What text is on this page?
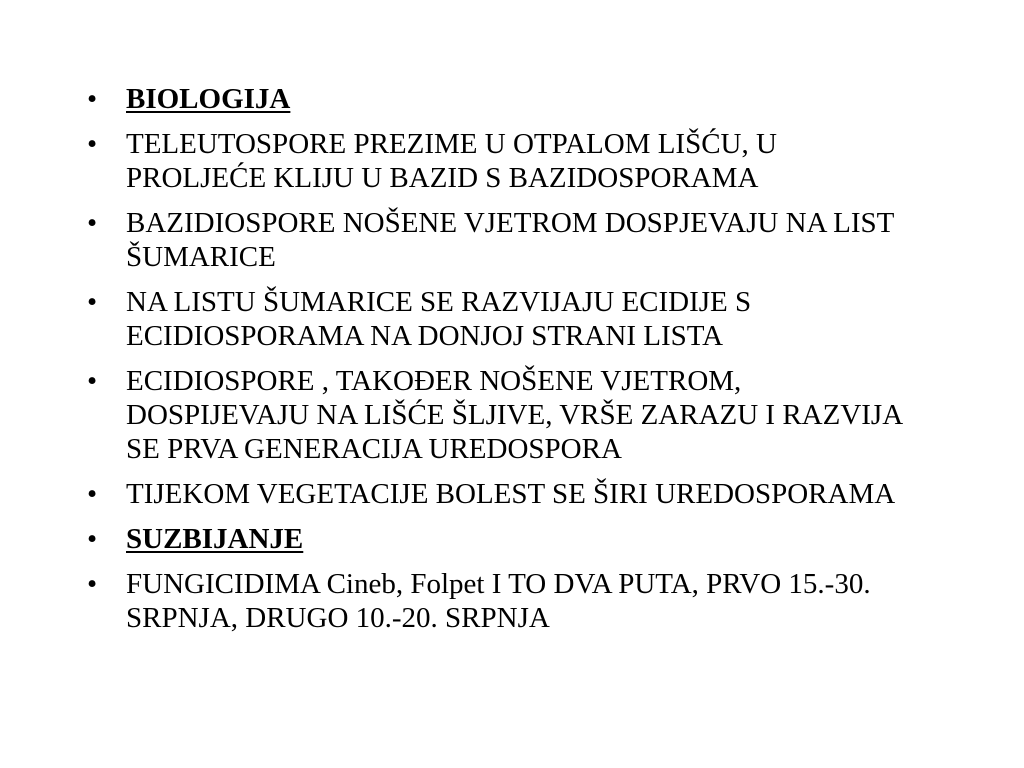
• BIOLOGIJA
• TELEUTOSPORE PREZIME U OTPALOM LIŠĆU, U PROLJEĆE KLIJU U BAZID S BAZIDOSPORAMA
• BAZIDIOSPORE NOŠENE VJETROM DOSPJEVAJU NA LIST ŠUMARICE
• NA LISTU ŠUMARICE SE RAZVIJAJU ECIDIJE S ECIDIOSPORAMA NA DONJOJ STRANI LISTA
• ECIDIOSPORE , TAKOĐER NOŠENE VJETROM, DOSPIJEVAJU NA LIŠĆE ŠLJIVE, VRŠE ZARAZU I RAZVIJA SE PRVA GENERACIJA UREDOSPORA
• TIJEKOM VEGETACIJE BOLEST SE ŠIRI UREDOSPORAMA
• SUZBIJANJE
• FUNGICIDIMA Cineb, Folpet I TO DVA PUTA, PRVO 15.-30. SRPNJA, DRUGO 10.-20. SRPNJA
